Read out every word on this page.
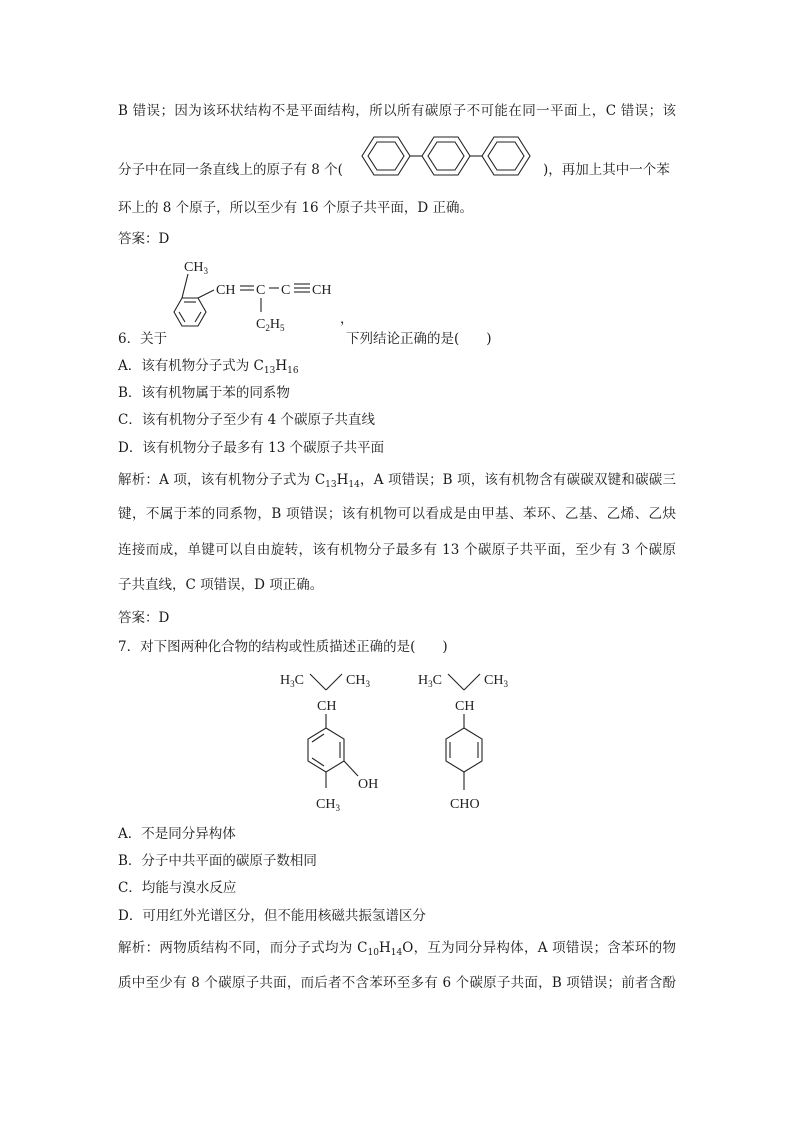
B 错误；因为该环状结构不是平面结构，所以所有碳原子不可能在同一平面上，C 错误；该
分子中在同一条直线上的原子有 8 个(	)，再加上其中一个苯
环上的 8 个原子，所以至少有 16 个原子共平面，D 正确。
答案：D
$CH_3$
CH C C CH
$C_2H_5$
，
6．关于	下列结论正确的是(　　)
A．该有机物分子式为 $C_{13}H_{16}$
B．该有机物属于苯的同系物
C．该有机物分子至少有 4 个碳原子共直线
D．该有机物分子最多有 13 个碳原子共平面
解析：A 项，该有机物分子式为 $C_{13}H_{14}$，A 项错误；B 项，该有机物含有碳碳双键和碳碳三
键，不属于苯的同系物，B 项错误；该有机物可以看成是由甲基、苯环、乙基、乙烯、乙炔
连接而成，单键可以自由旋转，该有机物分子最多有 13 个碳原子共平面，至少有 3 个碳原
子共直线，C 项错误，D 项正确。
答案：D
7．对下图两种化合物的结构或性质描述正确的是(　　)
$H_3C$	$CH_3$
CH
OH
$CH_3$
$H_3C$	$CH_3$
CH
CHO
A．不是同分异构体
B．分子中共平面的碳原子数相同
C．均能与溴水反应
D．可用红外光谱区分，但不能用核磁共振氢谱区分
解析：两物质结构不同，而分子式均为 $C_{10}H_{14}O$，互为同分异构体，A 项错误；含苯环的物
质中至少有 8 个碳原子共面，而后者不含苯环至多有 6 个碳原子共面，B 项错误；前者含酚
